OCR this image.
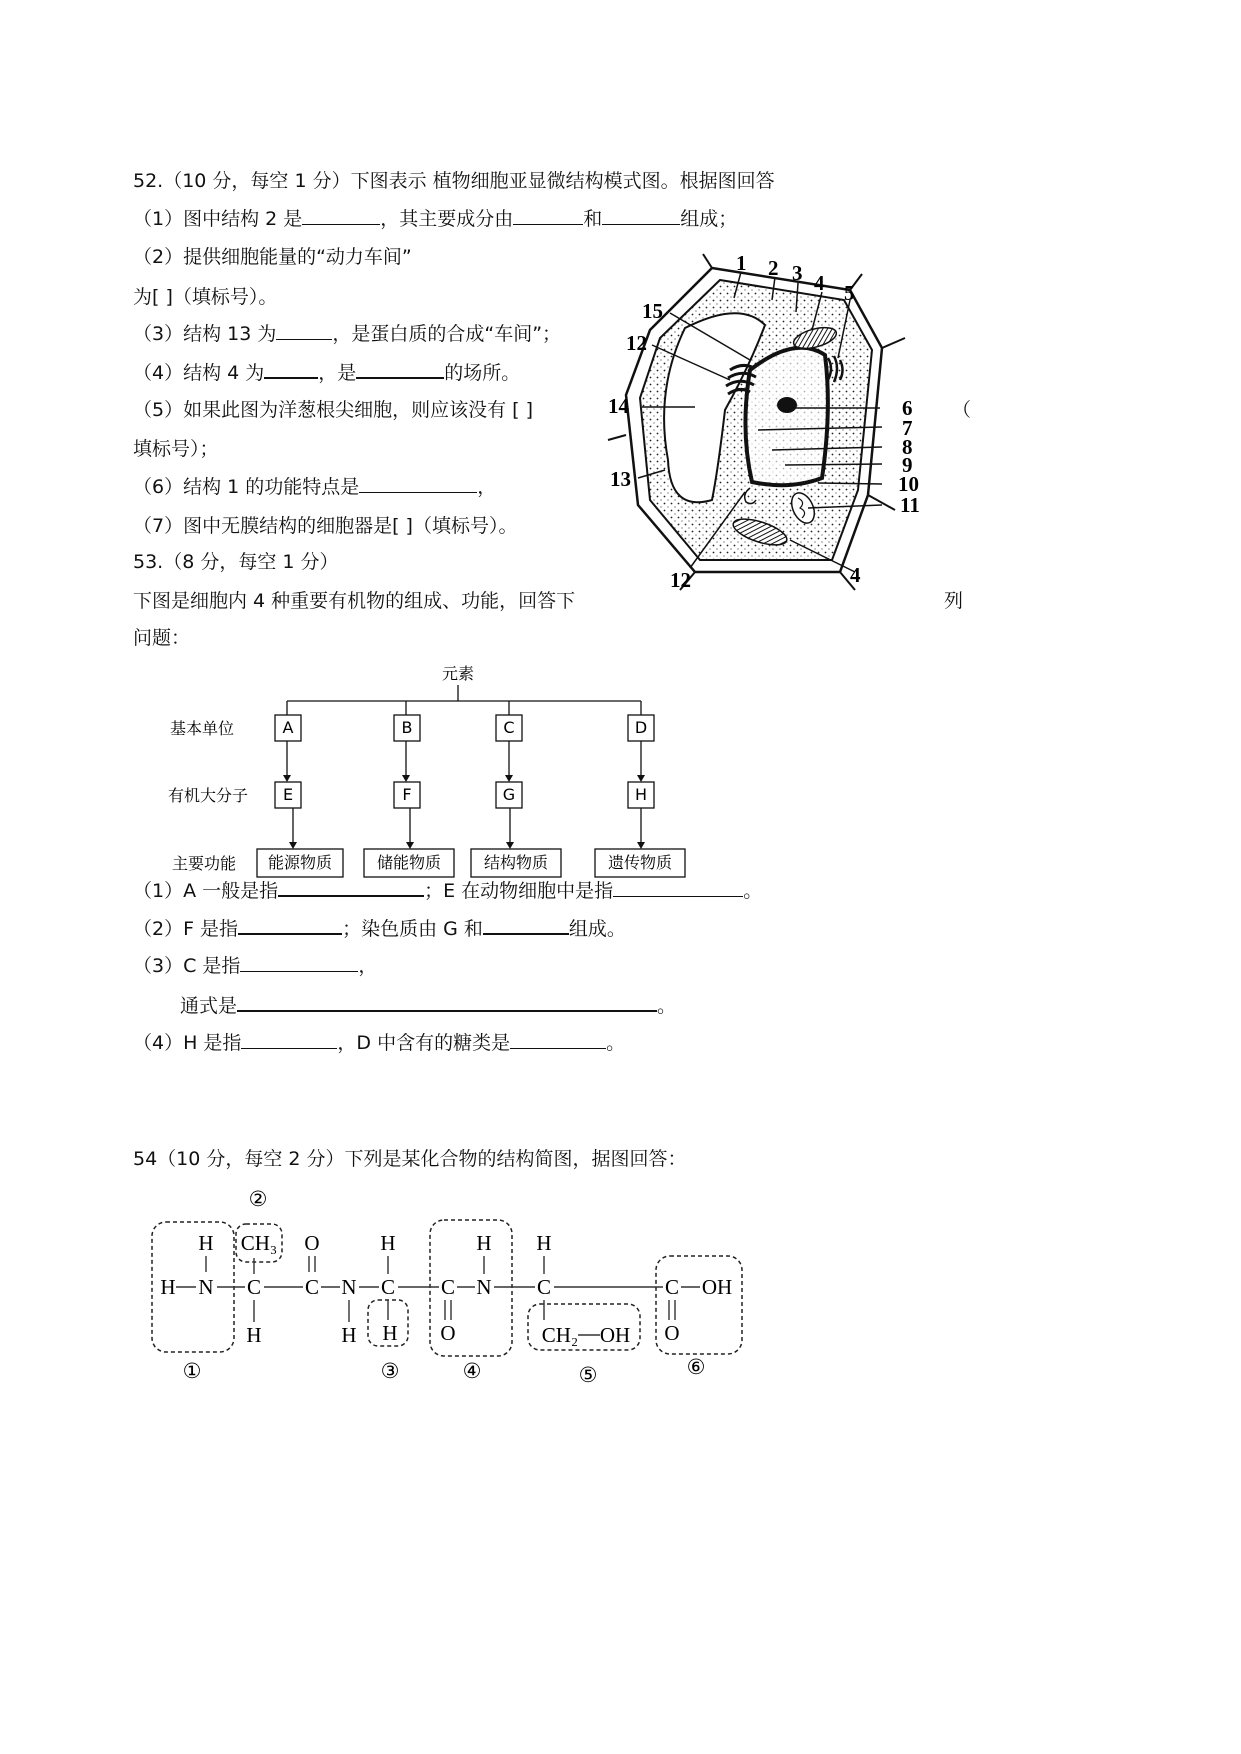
52.（10 分，每空 1 分）下图表示 植物细胞亚显微结构模式图。根据图回答
（1）图中结构 2 是	，其主要成分由	和	组成；
（2）提供细胞能量的“动力车间”
为[ ]（填标号）。
（3）结构 13 为	，是蛋白质的合成“车间”；
（4）结构 4 为	，是	的场所。
（5）如果此图为洋葱根尖细胞，则应该没有 [ ]	（
填标号）；
（6）结构 1 的功能特点是	，
（7）图中无膜结构的细胞器是[ ]（填标号）。
1 2 3 4 5
15
12
14
13
6
7
8
9
10
11
12	4
53.（8 分，每空 1 分）
下图是细胞内 4 种重要有机物的组成、功能，回答下	列
问题：
元素
基本单位
有机大分子
主要功能
A	B	C	D
E	F	G	H
能源物质	储能物质	结构物质	遗传物质
（1）A 一般是指	；E 在动物细胞中是指	。
（2）F 是指	；染色质由 G 和	组成。
（3）C 是指	，
通式是	。
（4）H 是指	，D 中含有的糖类是	。
54（10 分，每空 2 分）下列是某化合物的结构简图，据图回答：
①
②
③	④	⑤	⑥
H
H N
CH₃
C
H
O
C N
H
H
C
H
C
O
H
N
H
C
CH₂ OH
C OH
O
